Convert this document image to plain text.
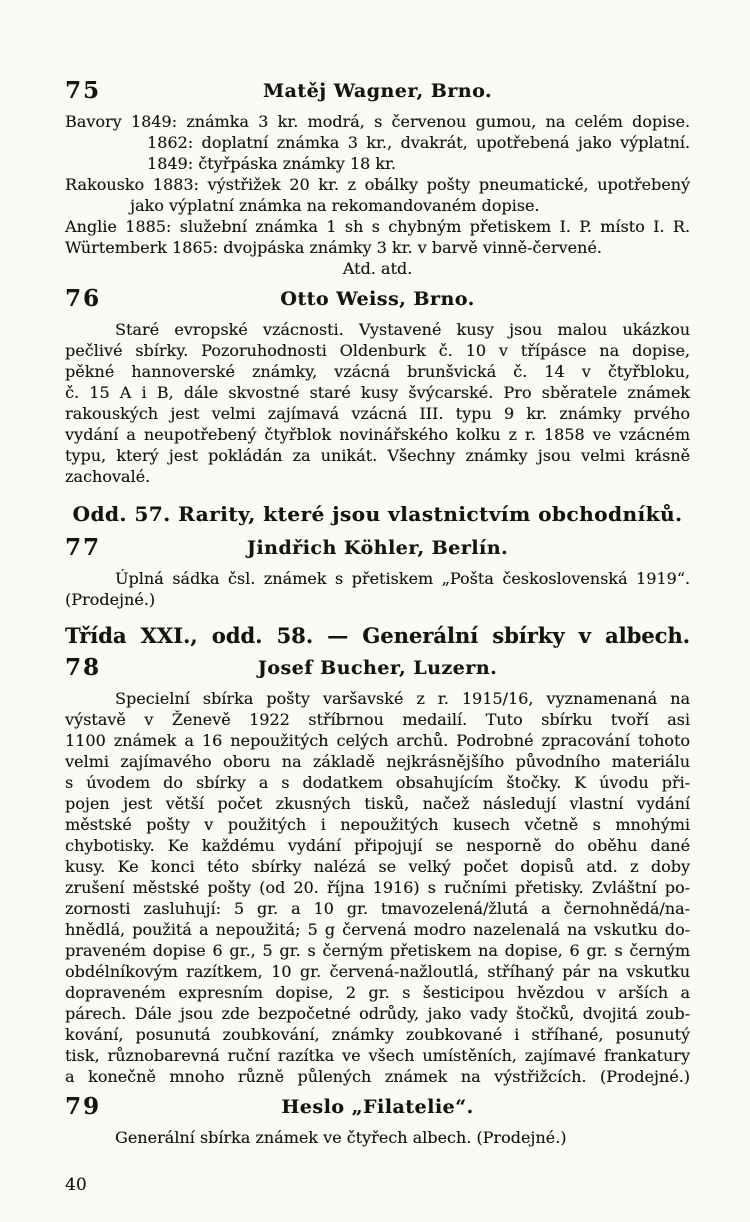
75	Matěj Wagner, Brno.
Bavory 1849: známka 3 kr. modrá, s červenou gumou, na celém dopise.
1862: doplatní známka 3 kr., dvakrát, upotřebená jako výplatní.
1849: čtyřpáska známky 18 kr.
Rakousko 1883: výstřižek 20 kr. z obálky pošty pneumatické, upotřebený
jako výplatní známka na rekomandovaném dopise.
Anglie 1885: služební známka 1 sh s chybným přetiskem I. P. místo I. R.
Würtemberk 1865: dvojpáska známky 3 kr. v barvě vinně-červené.
Atd. atd.
76	Otto Weiss, Brno.
Staré evropské vzácnosti. Vystavené kusy jsou malou ukázkou
pečlivé sbírky. Pozoruhodnosti Oldenburk č. 10 v třípásce na dopise,
pěkné hannoverské známky, vzácná brunšvická č. 14 v čtyřbloku,
č. 15 A i B, dále skvostné staré kusy švýcarské. Pro sběratele známek
rakouských jest velmi zajímavá vzácná III. typu 9 kr. známky prvého
vydání a neupotřebený čtyřblok novinářského kolku z r. 1858 ve vzácném
typu, který jest pokládán za unikát. Všechny známky jsou velmi krásně
zachovalé.
Odd. 57. Rarity, které jsou vlastnictvím obchodníků.
77	Jindřich Köhler, Berlín.
Úplná sádka čsl. známek s přetiskem „Pošta československá 1919“.
(Prodejné.)
Třída XXI., odd. 58. — Generální sbírky v albech.
78	Josef Bucher, Luzern.
Specielní sbírka pošty varšavské z r. 1915/16, vyznamenaná na
výstavě v Ženevě 1922 stříbrnou medailí. Tuto sbírku tvoří asi
1100 známek a 16 nepoužitých celých archů. Podrobné zpracování tohoto
velmi zajímavého oboru na základě nejkrásnějšího původního materiálu
s úvodem do sbírky a s dodatkem obsahujícím štočky. K úvodu při-
pojen jest větší počet zkusných tisků, načež následují vlastní vydání
městské pošty v použitých i nepoužitých kusech včetně s mnohými
chybotisky. Ke každému vydání připojují se nesporně do oběhu dané
kusy. Ke konci této sbírky nalézá se velký počet dopisů atd. z doby
zrušení městské pošty (od 20. října 1916) s ručními přetisky. Zvláštní po-
zornosti zasluhují: 5 gr. a 10 gr. tmavozelená/žlutá a černohnědá/na-
hnědlá, použitá a nepoužitá; 5 g červená modro nazelenalá na vskutku do-
praveném dopise 6 gr., 5 gr. s černým přetiskem na dopise, 6 gr. s černým
obdélníkovým razítkem, 10 gr. červená-nažloutlá, stříhaný pár na vskutku
dopraveném expresním dopise, 2 gr. s šesticipou hvězdou v arších a
párech. Dále jsou zde bezpočetné odrůdy, jako vady štočků, dvojitá zoub-
kování, posunutá zoubkování, známky zoubkované i stříhané, posunutý
tisk, různobarevná ruční razítka ve všech umístěních, zajímavé frankatury
a konečně mnoho různě půlených známek na výstřižcích. (Prodejné.)
79	Heslo „Filatelie“.
Generální sbírka známek ve čtyřech albech. (Prodejné.)
40
